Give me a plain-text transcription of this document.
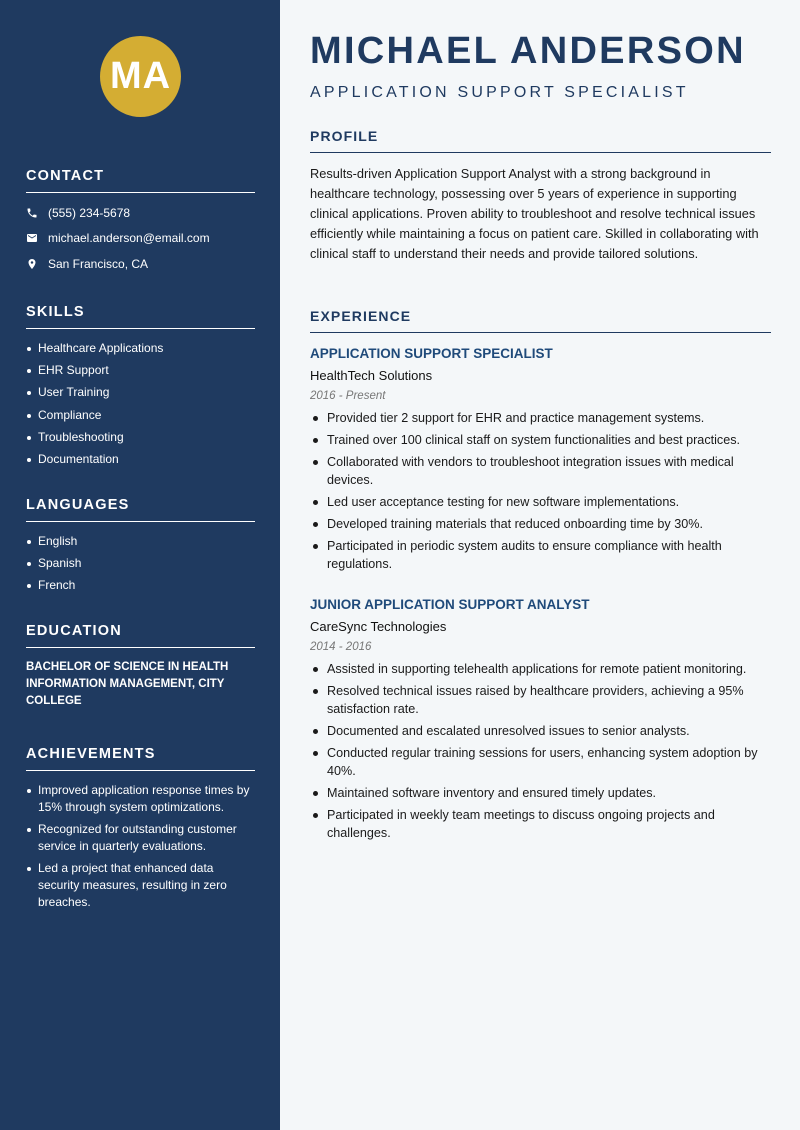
MA
CONTACT
(555) 234-5678
michael.anderson@email.com
San Francisco, CA
SKILLS
Healthcare Applications
EHR Support
User Training
Compliance
Troubleshooting
Documentation
LANGUAGES
English
Spanish
French
EDUCATION

BACHELOR OF SCIENCE IN HEALTH INFORMATION MANAGEMENT, CITY COLLEGE

ACHIEVEMENTS
Improved application response times by 15% through system optimizations.
Recognized for outstanding customer service in quarterly evaluations.
Led a project that enhanced data security measures, resulting in zero breaches.
MICHAEL ANDERSON
APPLICATION SUPPORT SPECIALIST
PROFILE

Results-driven Application Support Analyst with a strong background in healthcare technology, possessing over 5 years of experience in supporting clinical applications. Proven ability to troubleshoot and resolve technical issues efficiently while maintaining a focus on patient care. Skilled in collaborating with clinical staff to understand their needs and provide tailored solutions.

EXPERIENCE
APPLICATION SUPPORT SPECIALIST
HealthTech Solutions
2016 - Present
Provided tier 2 support for EHR and practice management systems.
Trained over 100 clinical staff on system functionalities and best practices.
Collaborated with vendors to troubleshoot integration issues with medical devices.
Led user acceptance testing for new software implementations.
Developed training materials that reduced onboarding time by 30%.
Participated in periodic system audits to ensure compliance with health regulations.
JUNIOR APPLICATION SUPPORT ANALYST
CareSync Technologies
2014 - 2016
Assisted in supporting telehealth applications for remote patient monitoring.
Resolved technical issues raised by healthcare providers, achieving a 95% satisfaction rate.
Documented and escalated unresolved issues to senior analysts.
Conducted regular training sessions for users, enhancing system adoption by 40%.
Maintained software inventory and ensured timely updates.
Participated in weekly team meetings to discuss ongoing projects and challenges.
